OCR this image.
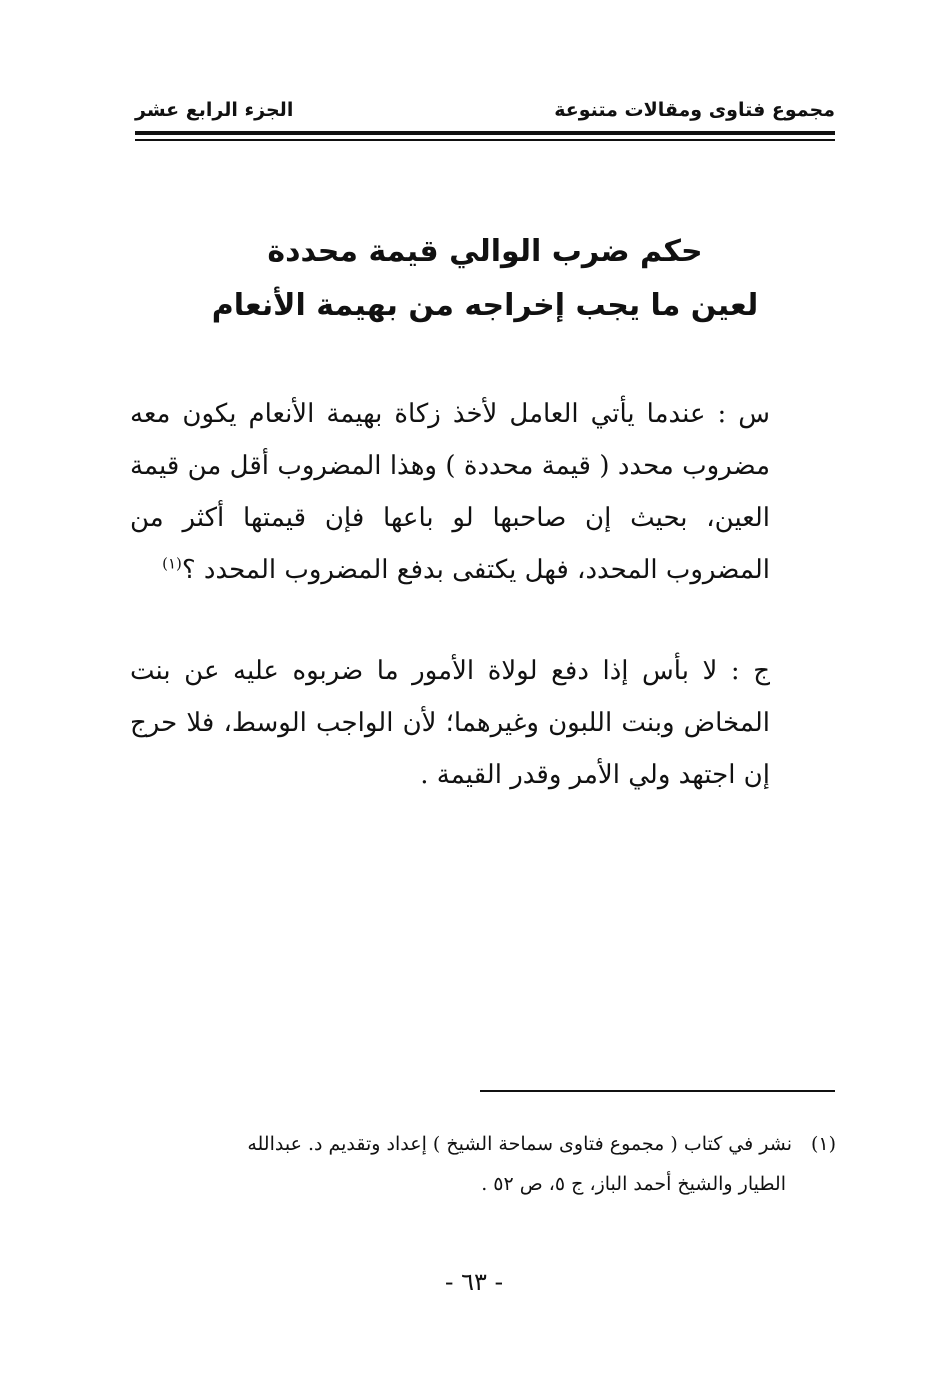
مجموع فتاوى ومقالات متنوعة
الجزء الرابع عشر
حكم ضرب الوالي قيمة محددة
لعين ما يجب إخراجه من بهيمة الأنعام
س : عندما يأتي العامل لأخذ زكاة بهيمة الأنعام يكون معه مضروب محدد ( قيمة محددة ) وهذا المضروب أقل من قيمة العين، بحيث إن صاحبها لو باعها فإن قيمتها أكثر من المضروب المحدد، فهل يكتفى بدفع المضروب المحدد ؟$^{(١)}$
ج : لا بأس إذا دفع لولاة الأمور ما ضربوه عليه عن بنت المخاض وبنت اللبون وغيرهما؛ لأن الواجب الوسط، فلا حرج إن اجتهد ولي الأمر وقدر القيمة .
(١)نشر في كتاب ( مجموع فتاوى سماحة الشيخ ) إعداد وتقديم د. عبدالله
الطيار والشيخ أحمد الباز، ج ٥، ص ٥٢ .
- ٦٣ -
